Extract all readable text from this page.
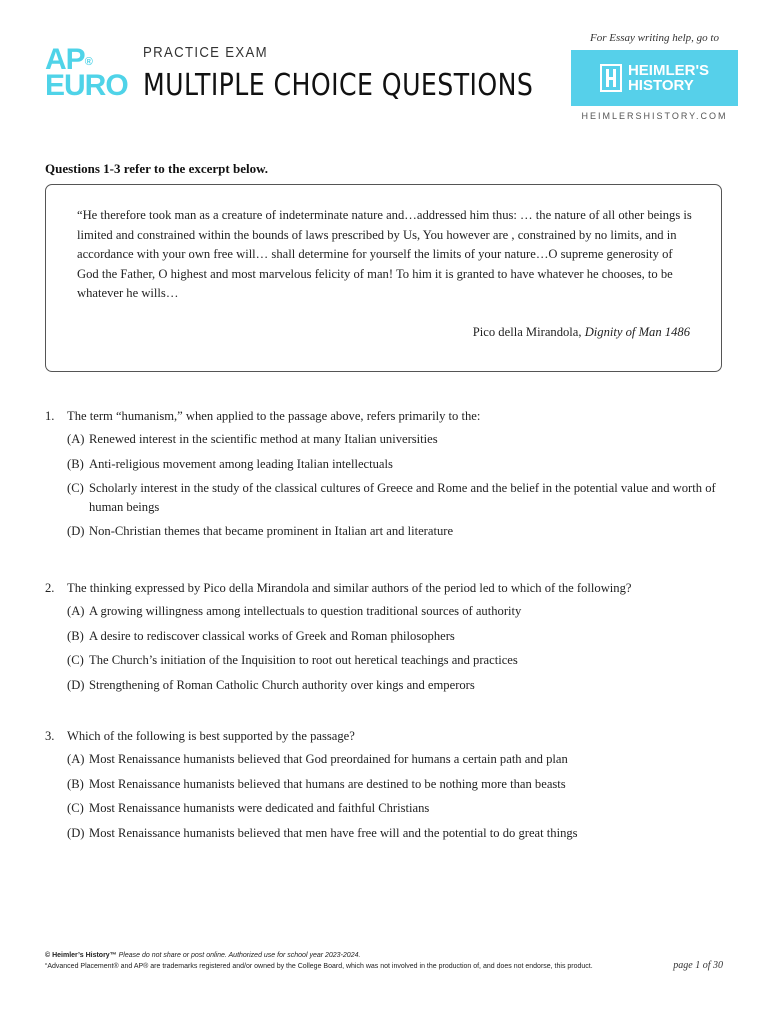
AP®
EURO
PRACTICE EXAM
MULTIPLE CHOICE QUESTIONS
For Essay writing help, go to
HEIMLER'S
HISTORY
HEIMLERSHISTORY.COM
Questions 1-3 refer to the excerpt below.
“He therefore took man as a creature of indeterminate nature and…addressed him thus: … the nature of all other beings is limited and constrained within the bounds of laws prescribed by Us, You however are , constrained by no limits, and in accordance with your own free will… shall determine for yourself the limits of your nature…O supreme generosity of God the Father, O highest and most marvelous felicity of man! To him it is granted to have whatever he chooses, to be whatever he wills…
Pico della Mirandola, Dignity of Man 1486
1. The term “humanism,” when applied to the passage above, refers primarily to the:
(A) Renewed interest in the scientific method at many Italian universities
(B) Anti-religious movement among leading Italian intellectuals
(C) Scholarly interest in the study of the classical cultures of Greece and Rome and the belief in the potential value and worth of human beings
(D) Non-Christian themes that became prominent in Italian art and literature
2. The thinking expressed by Pico della Mirandola and similar authors of the period led to which of the following?
(A) A growing willingness among intellectuals to question traditional sources of authority
(B) A desire to rediscover classical works of Greek and Roman philosophers
(C) The Church’s initiation of the Inquisition to root out heretical teachings and practices
(D) Strengthening of Roman Catholic Church authority over kings and emperors
3. Which of the following is best supported by the passage?
(A) Most Renaissance humanists believed that God preordained for humans a certain path and plan
(B) Most Renaissance humanists believed that humans are destined to be nothing more than beasts
(C) Most Renaissance humanists were dedicated and faithful Christians
(D) Most Renaissance humanists believed that men have free will and the potential to do great things
© Heimler’s History™ Please do not share or post online. Authorized use for school year 2023-2024.
“Advanced Placement® and AP® are trademarks registered and/or owned by the College Board, which was not involved in the production of, and does not endorse, this product.	page 1 of 30
